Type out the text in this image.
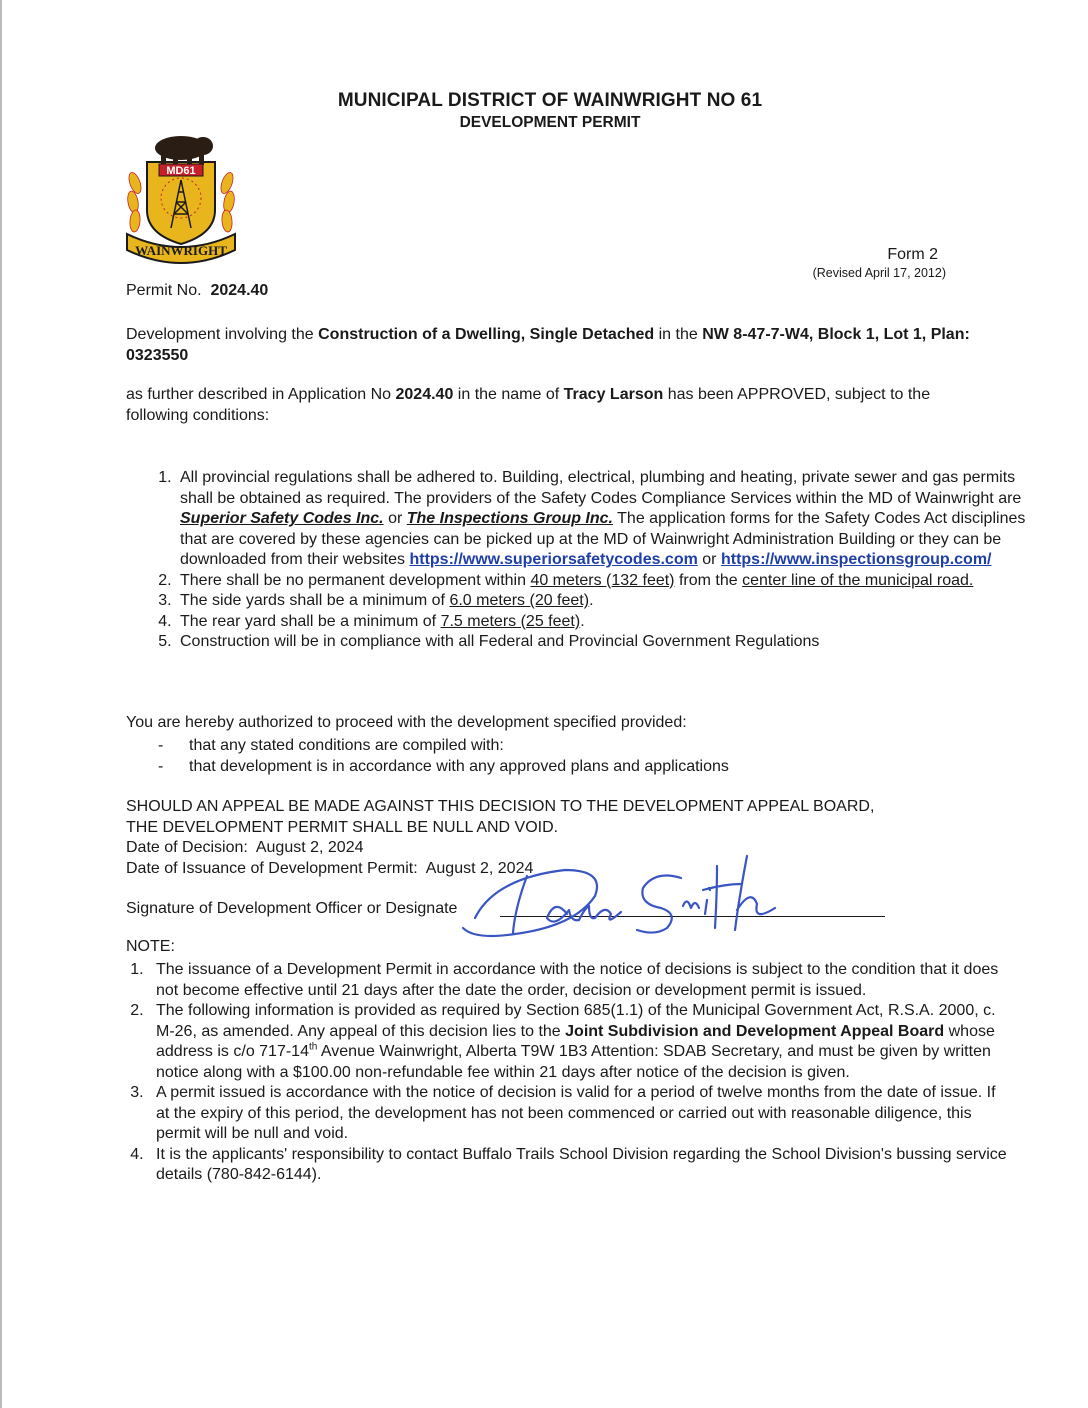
MUNICIPAL DISTRICT OF WAINWRIGHT NO 61
DEVELOPMENT PERMIT
MD61
WAINWRIGHT	Form 2
(Revised April 17, 2012)
Permit No. 2024.40

Development involving the Construction of a Dwelling, Single Detached in the NW 8-47-7-W4, Block 1, Lot 1, Plan: 0323550

as further described in Application No 2024.40 in the name of Tracy Larson has been APPROVED, subject to the following conditions:

1. All provincial regulations shall be adhered to. Building, electrical, plumbing and heating, private sewer and gas permits shall be obtained as required. The providers of the Safety Codes Compliance Services within the MD of Wainwright are Superior Safety Codes Inc. or The Inspections Group Inc. The application forms for the Safety Codes Act disciplines that are covered by these agencies can be picked up at the MD of Wainwright Administration Building or they can be downloaded from their websites https://www.superiorsafetycodes.com or https://www.inspectionsgroup.com/
2. There shall be no permanent development within 40 meters (132 feet) from the center line of the municipal road.
3. The side yards shall be a minimum of 6.0 meters (20 feet).
4. The rear yard shall be a minimum of 7.5 meters (25 feet).
5. Construction will be in compliance with all Federal and Provincial Government Regulations

You are hereby authorized to proceed with the development specified provided:

- that any stated conditions are compiled with:
- that development is in accordance with any approved plans and applications
SHOULD AN APPEAL BE MADE AGAINST THIS DECISION TO THE DEVELOPMENT APPEAL BOARD,
THE DEVELOPMENT PERMIT SHALL BE NULL AND VOID.
Date of Decision: August 2, 2024
Date of Issuance of Development Permit: August 2, 2024
Signature of Development Officer or Designate
NOTE:
1. The issuance of a Development Permit in accordance with the notice of decisions is subject to the condition that it does not become effective until 21 days after the date the order, decision or development permit is issued.
2. The following information is provided as required by Section 685(1.1) of the Municipal Government Act, R.S.A. 2000, c. M-26, as amended. Any appeal of this decision lies to the Joint Subdivision and Development Appeal Board whose address is c/o 717-14th Avenue Wainwright, Alberta T9W 1B3 Attention: SDAB Secretary, and must be given by written notice along with a $100.00 non-refundable fee within 21 days after notice of the decision is given.
3. A permit issued is accordance with the notice of decision is valid for a period of twelve months from the date of issue. If at the expiry of this period, the development has not been commenced or carried out with reasonable diligence, this permit will be null and void.
4. It is the applicants' responsibility to contact Buffalo Trails School Division regarding the School Division's bussing service details (780-842-6144).
